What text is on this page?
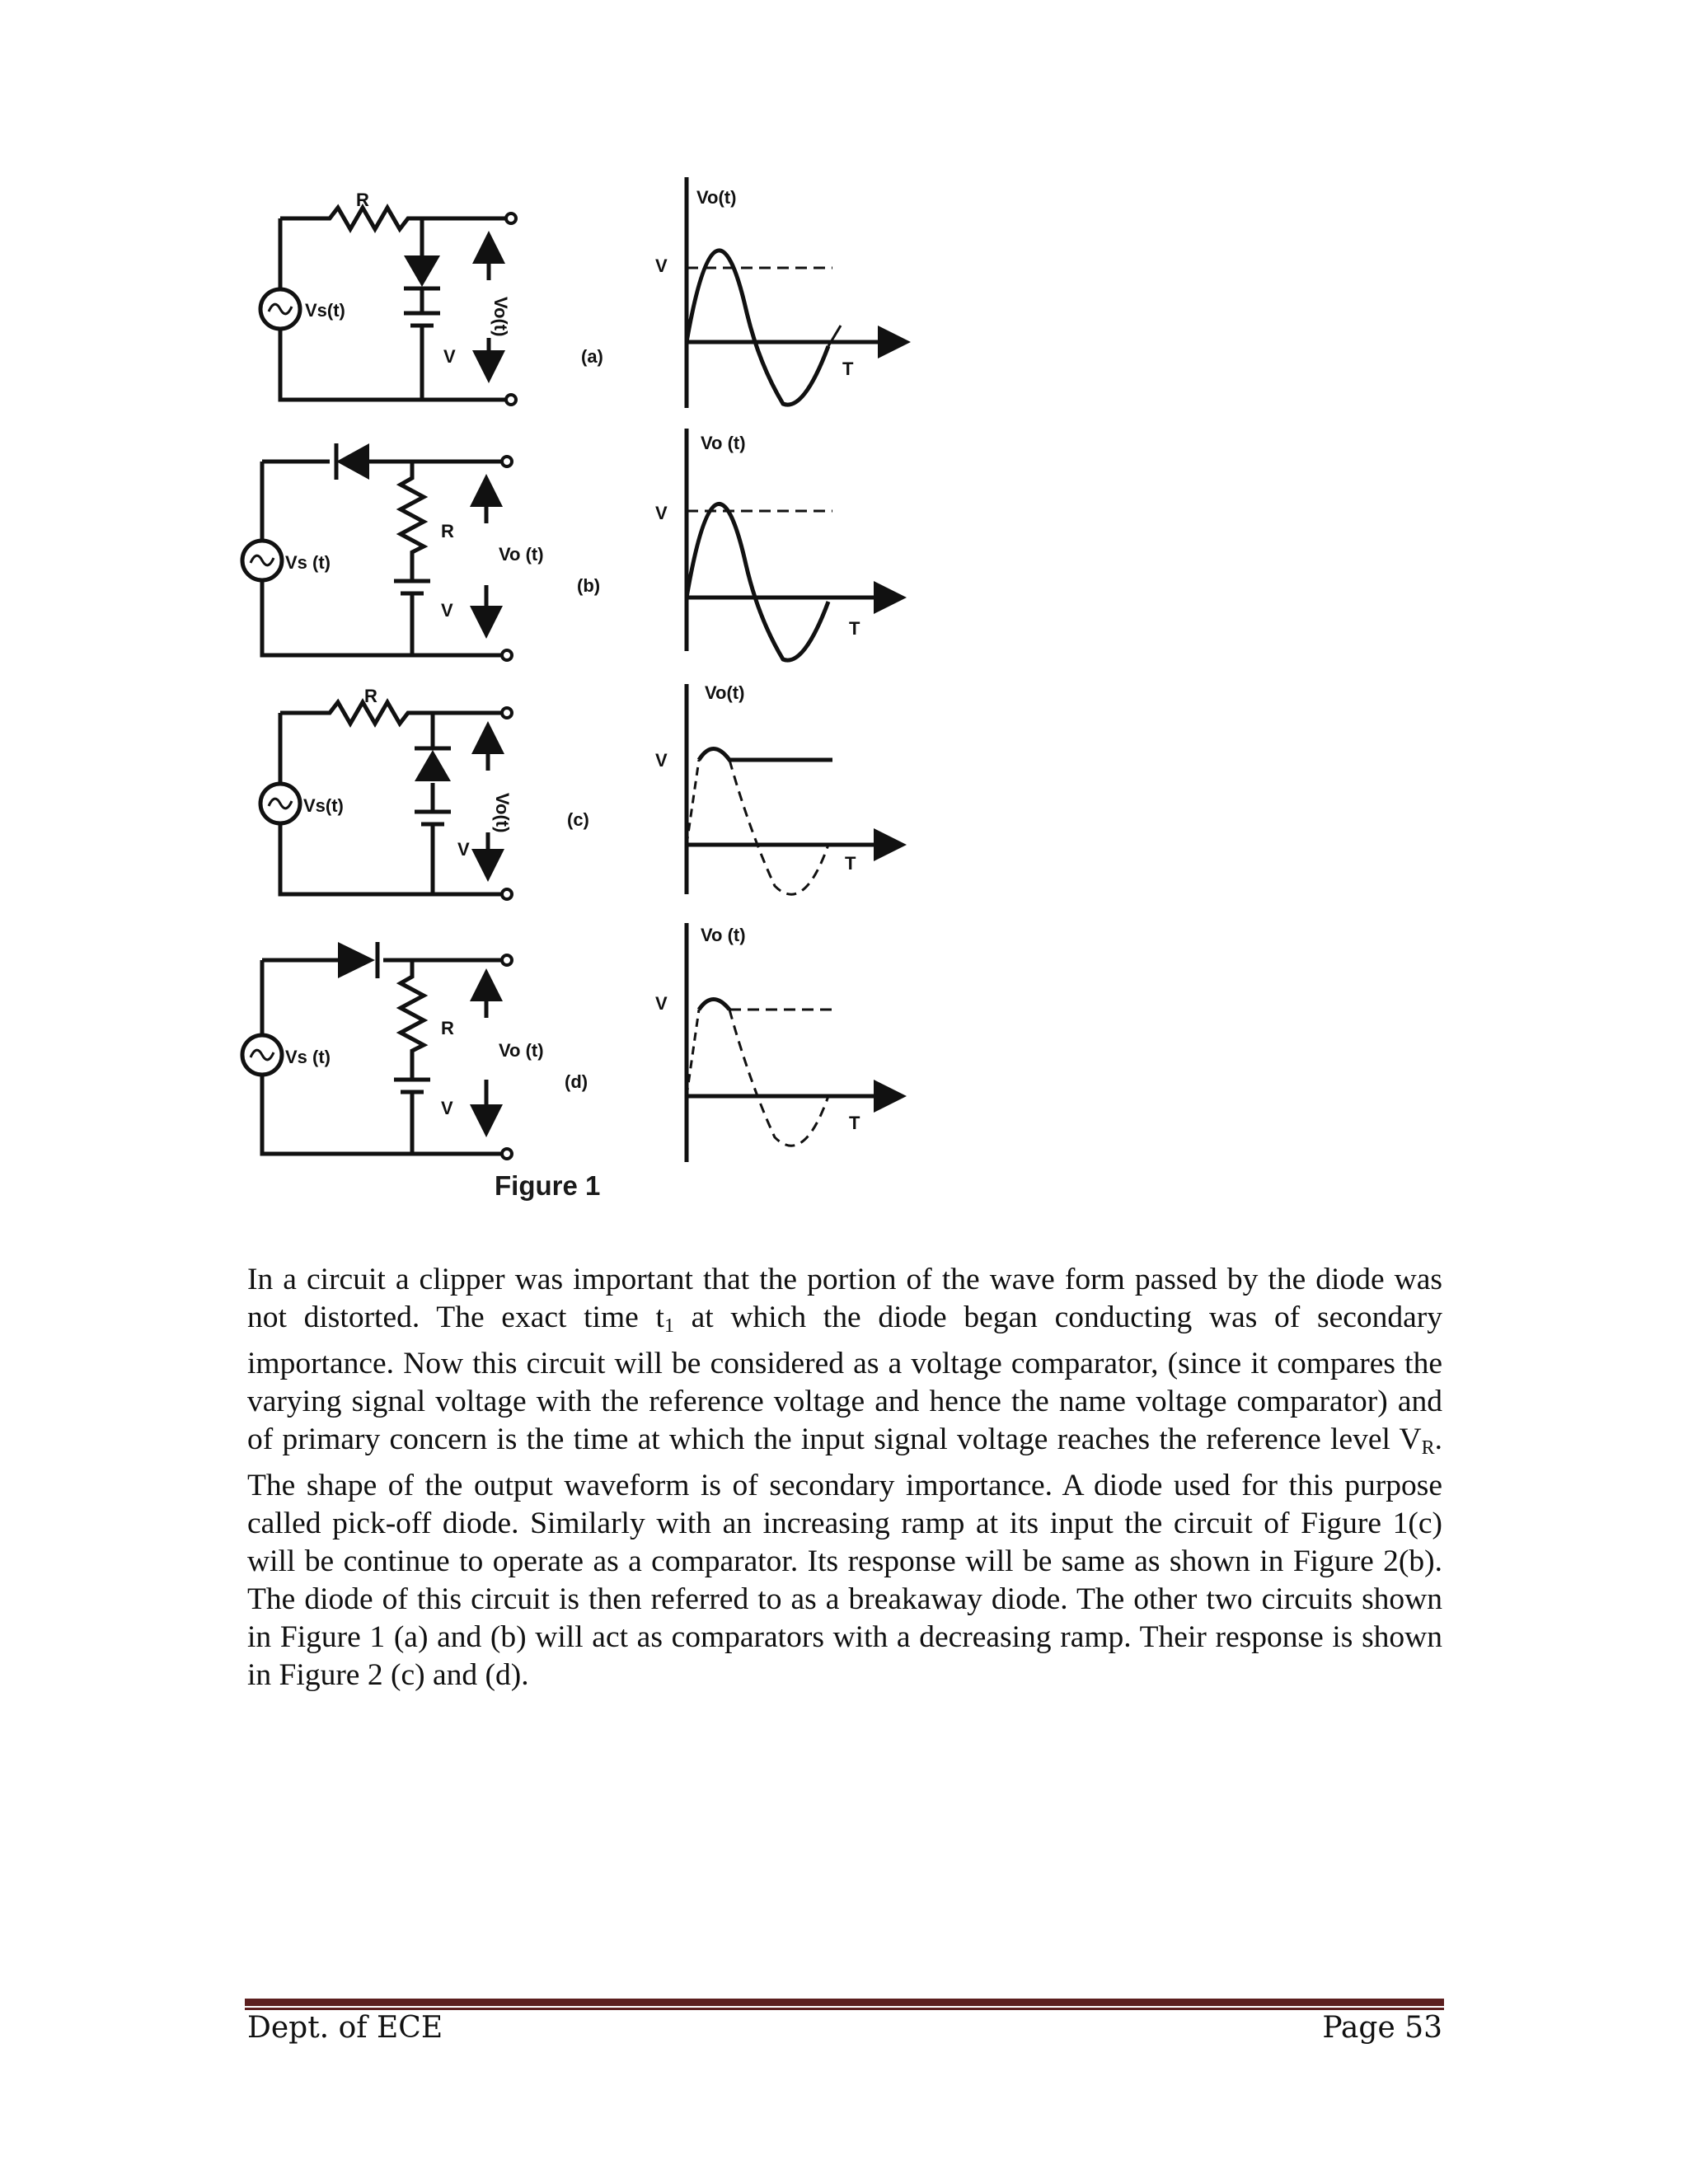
R
Vs(t)
V
Vo(t)
(a)
Vo(t)
V
T
R
Vs (t)
V
Vo (t)
(b)
Vo (t)
V
T
R
Vs(t)
V
Vo(t)	(c)
Vo(t)
V
T
R
Vs (t)
V
Vo (t)
(d)
Vo (t)
V
T
Figure 1

In a circuit a clipper was important that the portion of the wave form passed by the diode was not distorted. The exact time $t_1$ at which the diode began conducting was of secondary importance. Now this circuit will be considered as a voltage comparator, (since it compares the varying signal voltage with the reference voltage and hence the name voltage comparator) and of primary concern is the time at which the input signal voltage reaches the reference level $V_R$. The shape of the output waveform is of secondary importance. A diode used for this purpose called pick-off diode. Similarly with an increasing ramp at its input the circuit of Figure 1(c) will be continue to operate as a comparator. Its response will be same as shown in Figure 2(b). The diode of this circuit is then referred to as a breakaway diode. The other two circuits shown in Figure 1 (a) and (b) will act as comparators with a decreasing ramp. Their response is shown in Figure 2 (c) and (d).

Dept. of ECE	Page 53
